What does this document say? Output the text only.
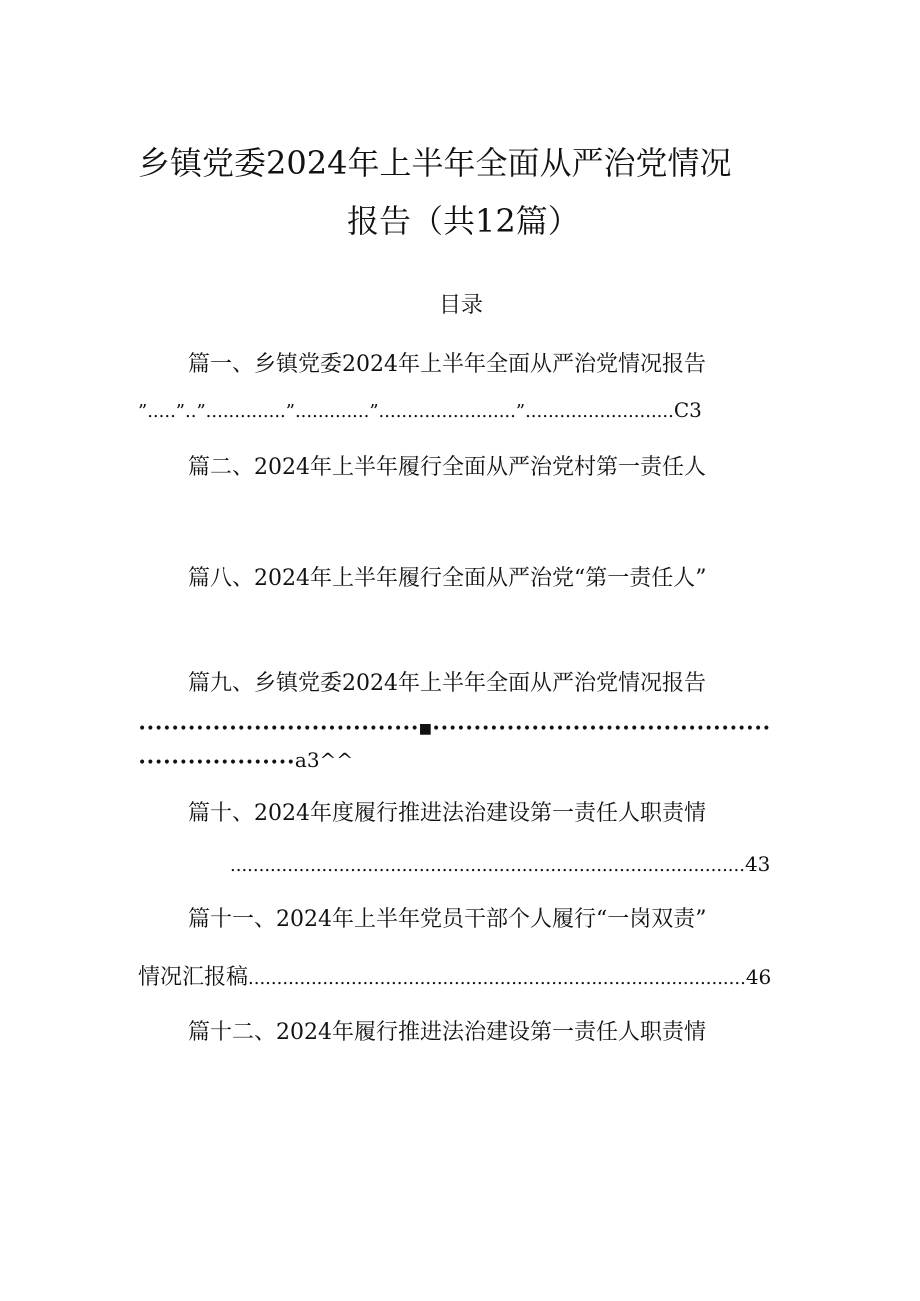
乡镇党委2024年上半年全面从严治党情况
报告（共12篇）
目录
篇一、乡镇党委2024年上半年全面从严治党情况报告
”.....”..”..............”.............”........................”..........................C3
篇二、2024年上半年履行全面从严治党村第一责任人
篇八、2024年上半年履行全面从严治党“第一责任人”
篇九、乡镇党委2024年上半年全面从严治党情况报告
••••••••••••••••••••••••••••••••••■•••••••••••••••••••••••••••••••••••••••••
•••••••••••••••••••a3^^
篇十、2024年度履行推进法治建设第一责任人职责情
..........................................................................................43
篇十一、2024年上半年党员干部个人履行“一岗双责”
情况汇报稿.......................................................................................46
篇十二、2024年履行推进法治建设第一责任人职责情
